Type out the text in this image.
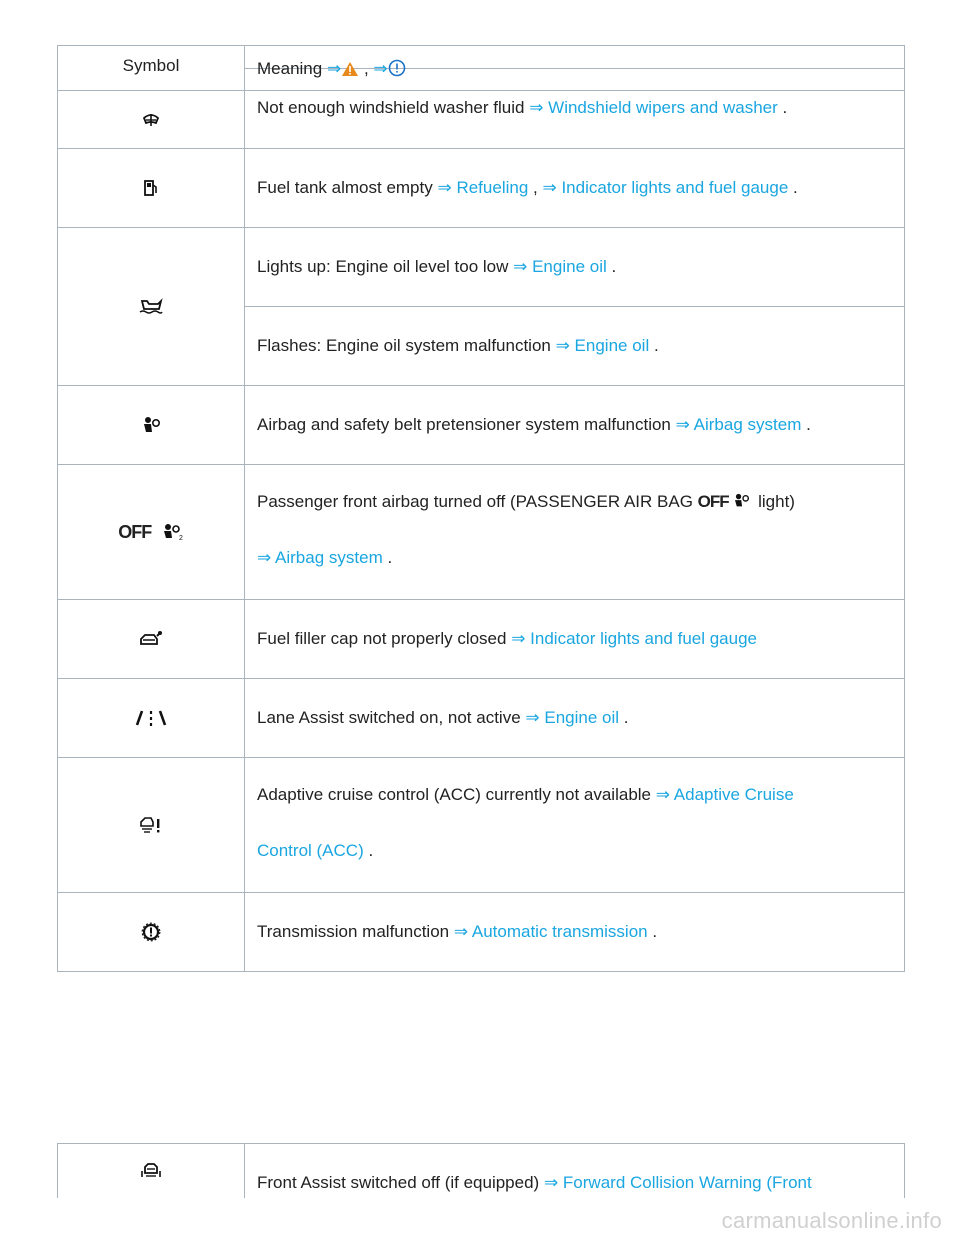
Symbol	Meaning ⇒ , ⇒

	Not enough windshield washer fluid ⇒ Windshield wipers and washer .
	Fuel tank almost empty ⇒ Refueling , ⇒ Indicator lights and fuel gauge .
	Lights up: Engine oil level too low ⇒ Engine oil .
	Flashes: Engine oil system malfunction ⇒ Engine oil .
	Airbag and safety belt pretensioner system malfunction ⇒ Airbag system .
OFF 2	Passenger front airbag turned off (PASSENGER AIR BAG OFF light)
⇒ Airbag system .

	Fuel filler cap not properly closed ⇒ Indicator lights and fuel gauge
	Lane Assist switched on, not active ⇒ Engine oil .
	Adaptive cruise control (ACC) currently not available ⇒ Adaptive Cruise
Control (ACC) .

	Transmission malfunction ⇒ Automatic transmission .
	Front Assist switched off (if equipped) ⇒ Forward Collision Warning (Front
carmanualsonline.info
